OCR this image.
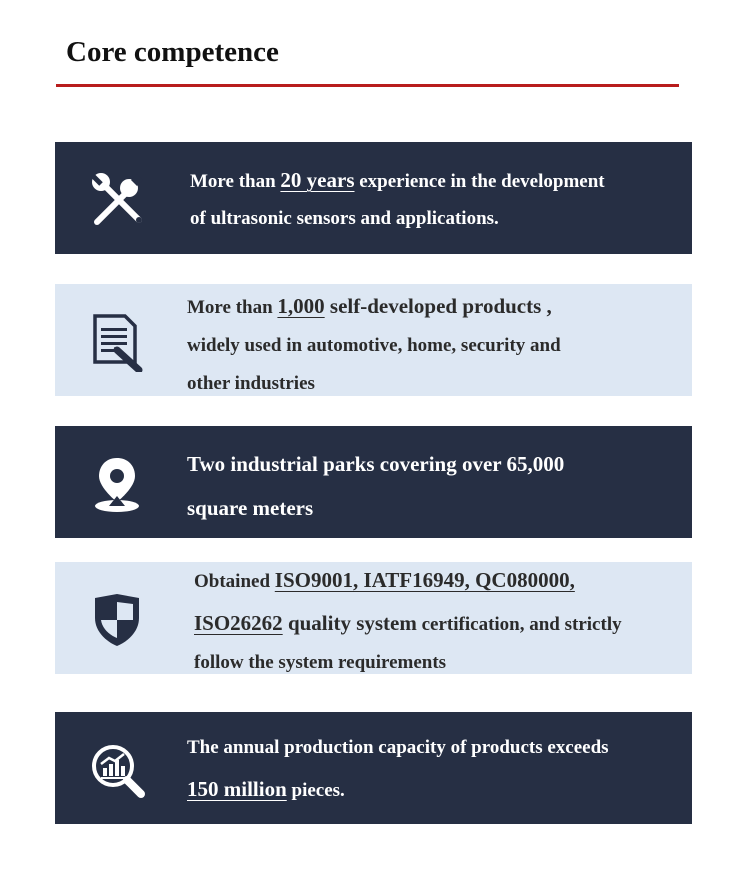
Core competence
More than 20 years experience in the development
of ultrasonic sensors and applications.
More than 1,000 self-developed products ,
widely used in automotive, home, security and
other industries
Two industrial parks covering over 65,000
square meters
Obtained ISO9001, IATF16949, QC080000,
ISO26262 quality system certification, and strictly
follow the system requirements
The annual production capacity of products exceeds
150 million pieces.
